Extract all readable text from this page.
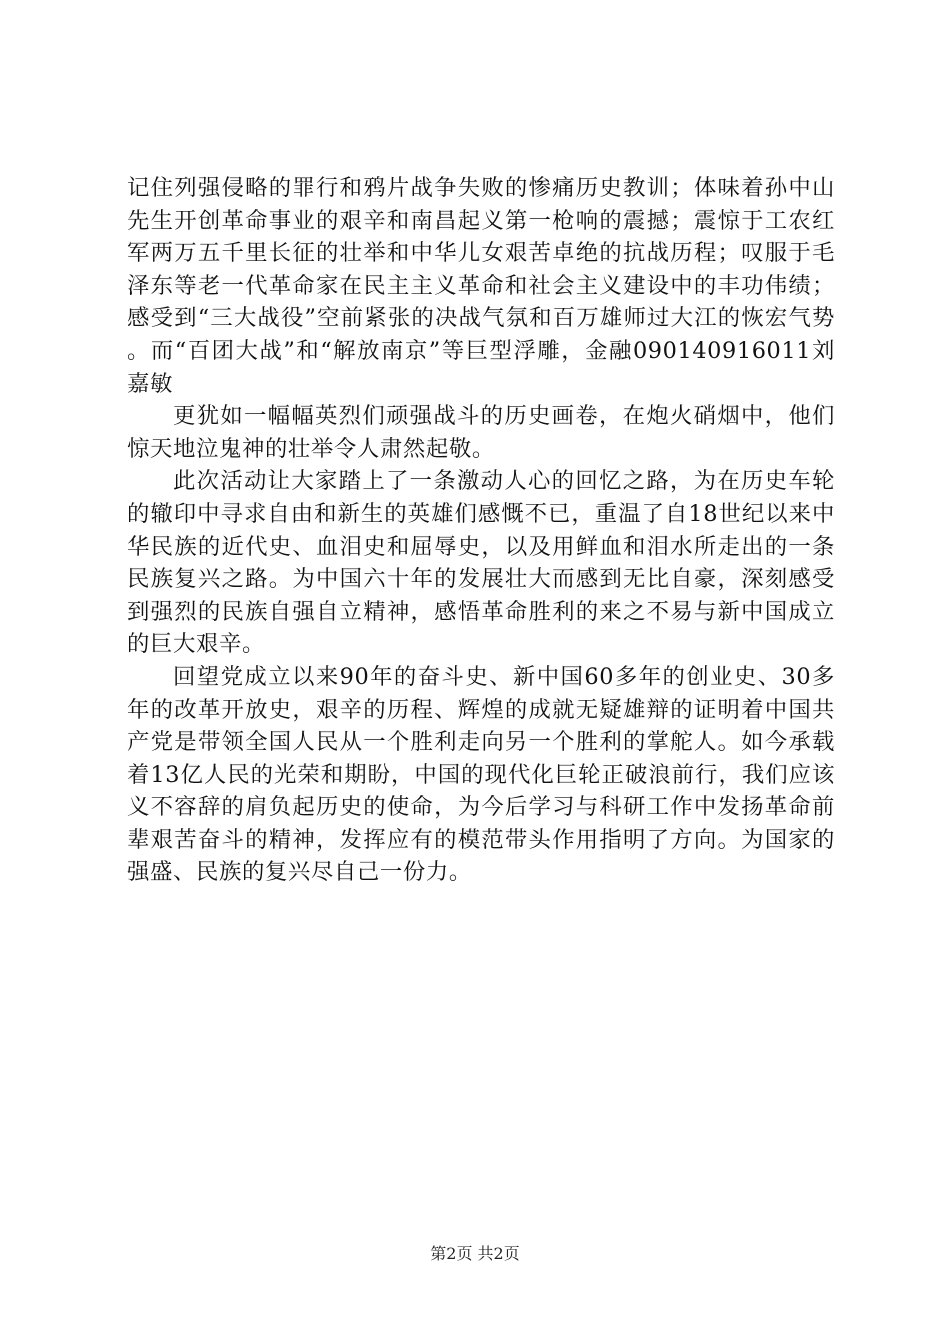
记住列强侵略的罪行和鸦片战争失败的惨痛历史教训；体味着孙中山先生开创革命事业的艰辛和南昌起义第一枪响的震撼；震惊于工农红军两万五千里长征的壮举和中华儿女艰苦卓绝的抗战历程；叹服于毛泽东等老一代革命家在民主主义革命和社会主义建设中的丰功伟绩；感受到“三大战役”空前紧张的决战气氛和百万雄师过大江的恢宏气势。而“百团大战”和“解放南京”等巨型浮雕，金融090140916011刘嘉敏

更犹如一幅幅英烈们顽强战斗的历史画卷，在炮火硝烟中，他们惊天地泣鬼神的壮举令人肃然起敬。

此次活动让大家踏上了一条激动人心的回忆之路，为在历史车轮的辙印中寻求自由和新生的英雄们感慨不已，重温了自18世纪以来中华民族的近代史、血泪史和屈辱史，以及用鲜血和泪水所走出的一条民族复兴之路。为中国六十年的发展壮大而感到无比自豪，深刻感受到强烈的民族自强自立精神，感悟革命胜利的来之不易与新中国成立的巨大艰辛。

回望党成立以来90年的奋斗史、新中国60多年的创业史、30多年的改革开放史，艰辛的历程、辉煌的成就无疑雄辩的证明着中国共产党是带领全国人民从一个胜利走向另一个胜利的掌舵人。如今承载着13亿人民的光荣和期盼，中国的现代化巨轮正破浪前行，我们应该义不容辞的肩负起历史的使命，为今后学习与科研工作中发扬革命前辈艰苦奋斗的精神，发挥应有的模范带头作用指明了方向。为国家的强盛、民族的复兴尽自己一份力。

第2页 共2页
